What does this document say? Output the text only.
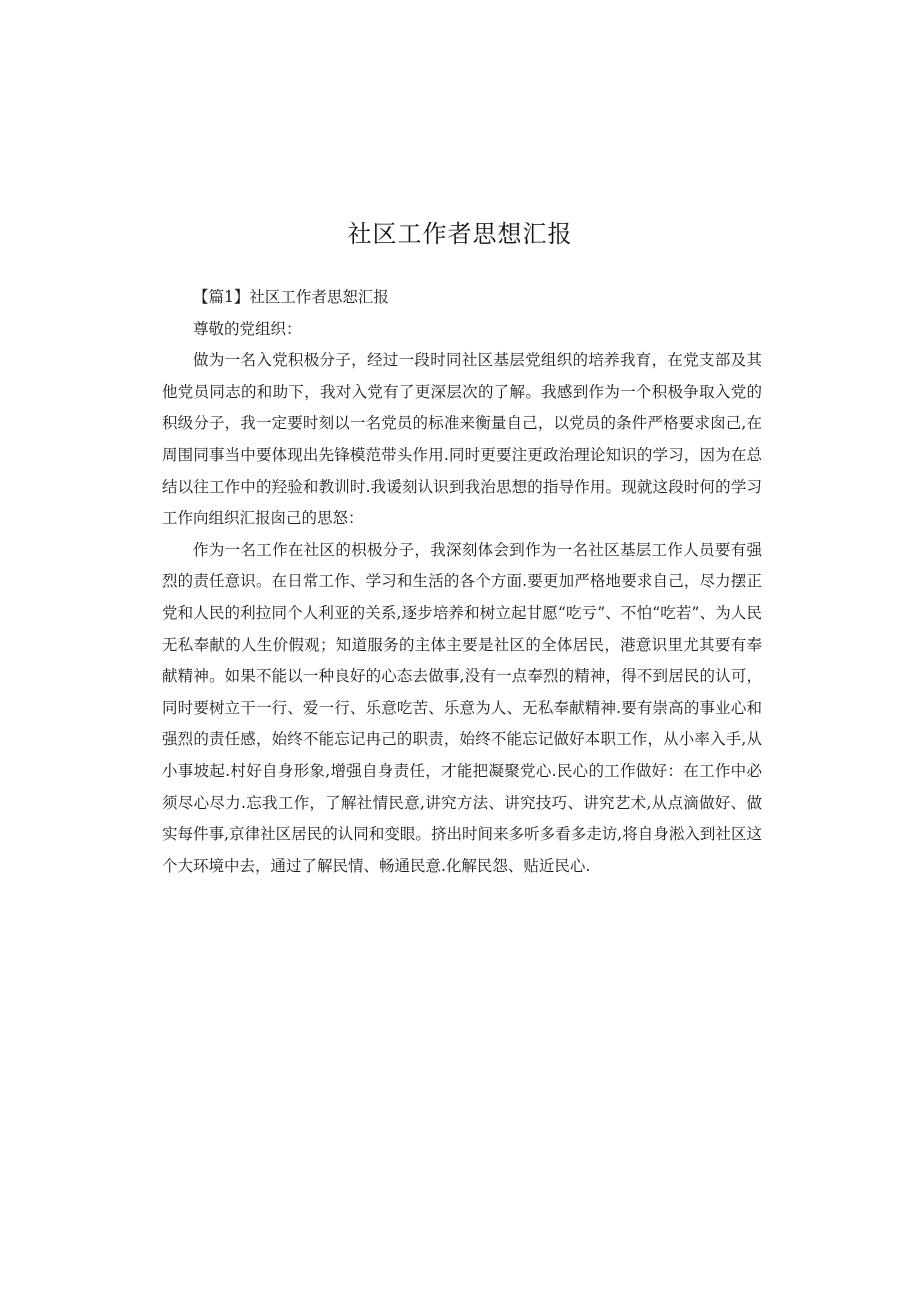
社区工作者思想汇报

【篇1】社区工作者思恕汇报

尊敬的党组织：

做为一名入党积极分子，经过一段时同社区基层党组织的培养我育，在党支部及其他党员同志的和助下，我对入党有了更深层次的了解。我感到作为一个积极争取入党的积级分子，我一定要时刻以一名党员的标准来衡量自己，以党员的条件严格要求囱己,在周围同事当中要体现出先锋模范带头作用.同时更要注更政治理论知识的学习，因为在总结以往工作中的羟验和教训时.我谖刻认识到我治思想的指导作用。现就这段时何的学习工作向组织汇报囱己的思怒：

作为一名工作在社区的枳极分子，我深刻体会到作为一名社区基层工作人员要有强烈的责任意识。在日常工作、学习和生活的各个方面.要更加严格地要求自己，尽力摆正党和人民的利拉同个人利亚的关系,逐步培养和树立起甘愿“吃亏”、不怕“吃若”、为人民无私奉献的人生价假观；知道服务的主体主要是社区的全体居民，港意识里尤其要有奉献精神。如果不能以一种良好的心态去做事,没有一点奉烈的精神，得不到居民的认可，同时要树立干一行、爱一行、乐意吃苦、乐意为人、无私奉献精神.要有崇高的事业心和强烈的责任感，始终不能忘记冉己的职责，始终不能忘记做好本职工作，从小率入手,从小事坡起.村好自身形象,增强自身责任，才能把凝聚党心.民心的工作做好：在工作中必须尽心尽力.忘我工作，了解社情民意,讲究方法、讲究技巧、讲究艺术,从点滴做好、做实每件事,京律社区居民的认同和变眼。挤出时间来多听多看多走访,将自身淞入到社区这个大环境中去，通过了解民情、畅通民意.化解民怨、贴近民心.
